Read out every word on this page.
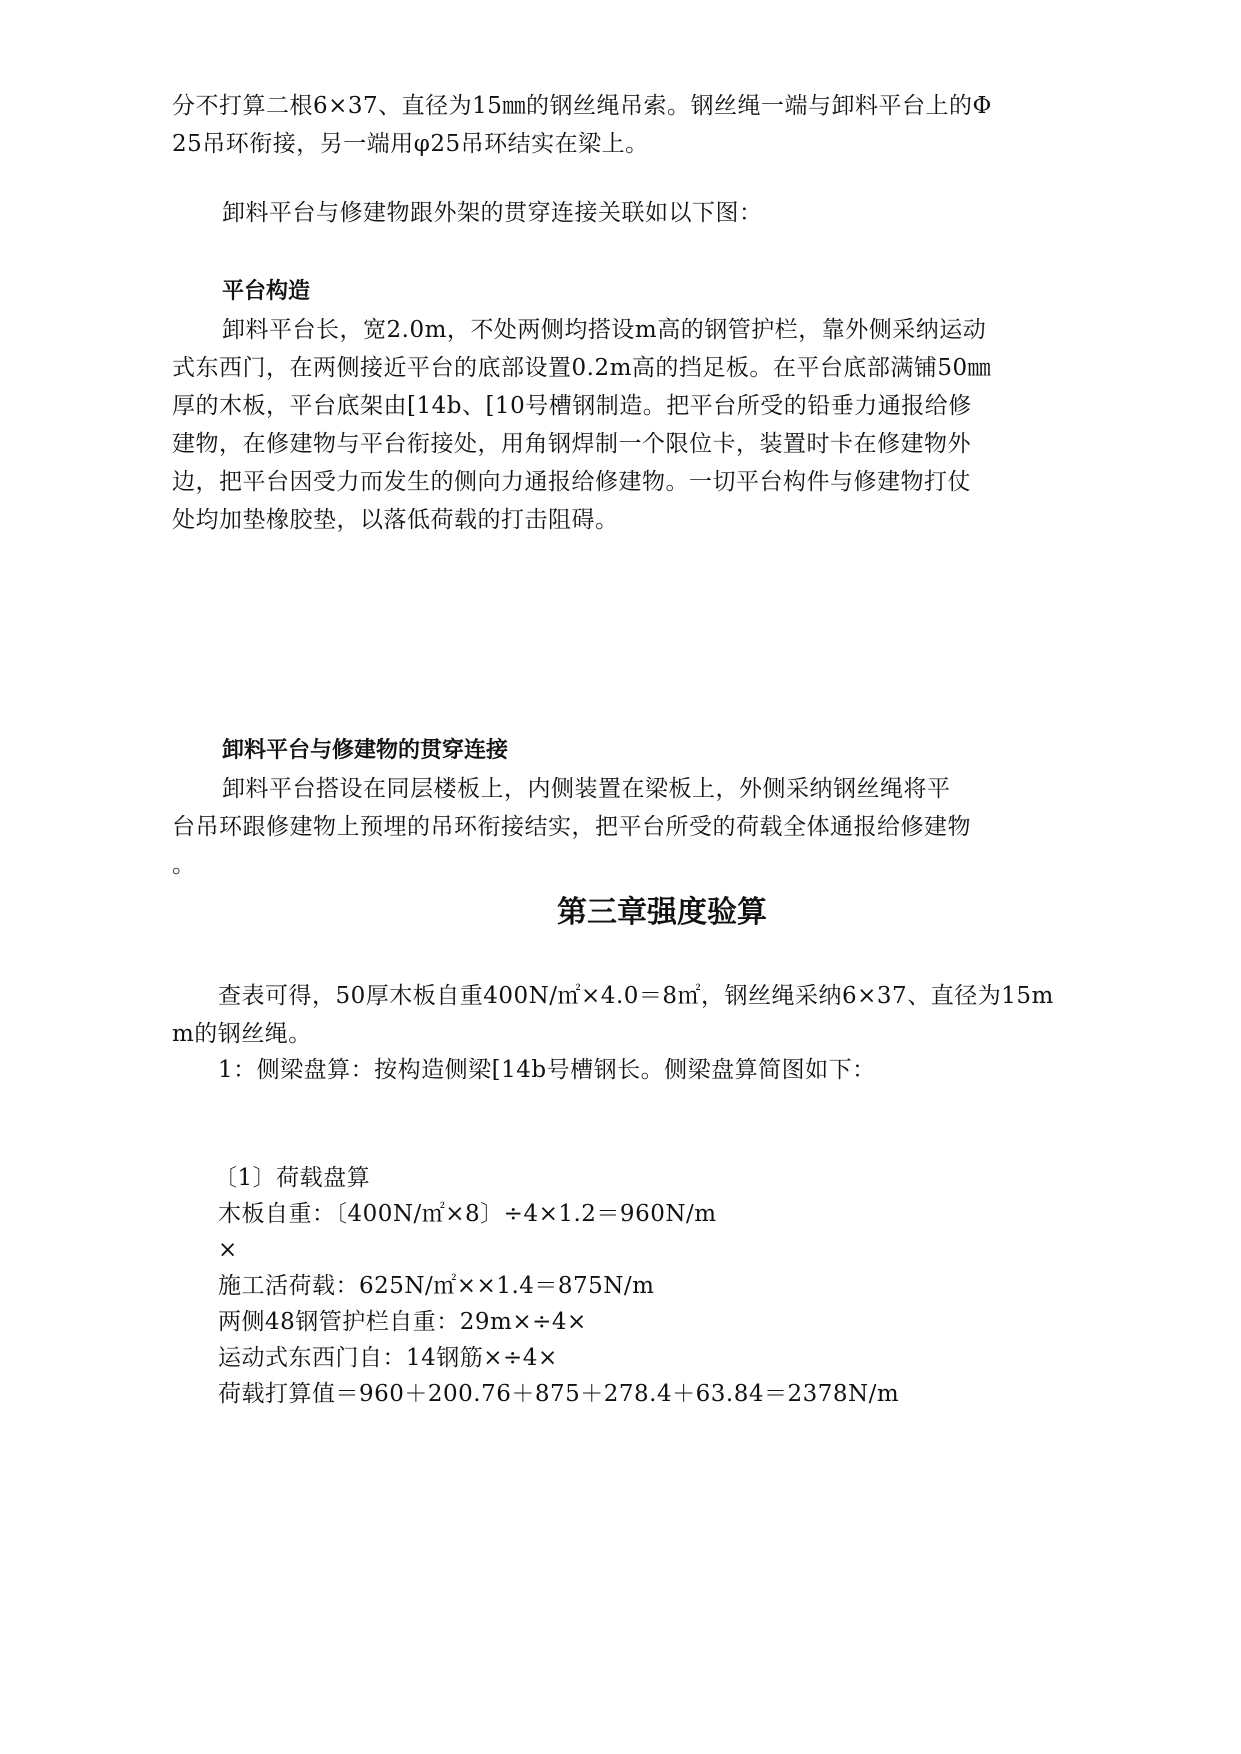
分不打算二根6×37、直径为15㎜的钢丝绳吊索。钢丝绳一端与卸料平台上的Φ
25吊环衔接，另一端用φ25吊环结实在梁上。
卸料平台与修建物跟外架的贯穿连接关联如以下图：
平台构造
卸料平台长，宽2.0m，不处两侧均搭设m高的钢管护栏，靠外侧采纳运动
式东西门，在两侧接近平台的底部设置0.2m高的挡足板。在平台底部满铺50㎜
厚的木板，平台底架由[14b、[10号槽钢制造。把平台所受的铅垂力通报给修
建物，在修建物与平台衔接处，用角钢焊制一个限位卡，装置时卡在修建物外
边，把平台因受力而发生的侧向力通报给修建物。一切平台构件与修建物打仗
处均加垫橡胶垫，以落低荷载的打击阻碍。
卸料平台与修建物的贯穿连接
卸料平台搭设在同层楼板上，内侧装置在梁板上，外侧采纳钢丝绳将平
台吊环跟修建物上预埋的吊环衔接结实，把平台所受的荷载全体通报给修建物
。
第三章强度验算
查表可得，50厚木板自重400N/㎡×4.0＝8㎡，钢丝绳采纳6×37、直径为15m
m的钢丝绳。
1：侧梁盘算：按构造侧梁[14b号槽钢长。侧梁盘算简图如下：
〔1〕荷载盘算
木板自重：〔400N/㎡×8〕÷4×1.2＝960N/m
×
施工活荷载：625N/㎡××1.4＝875N/m
两侧48钢管护栏自重：29m×÷4×
运动式东西门自：14钢筋×÷4×
荷载打算值＝960＋200.76＋875＋278.4＋63.84＝2378N/m
